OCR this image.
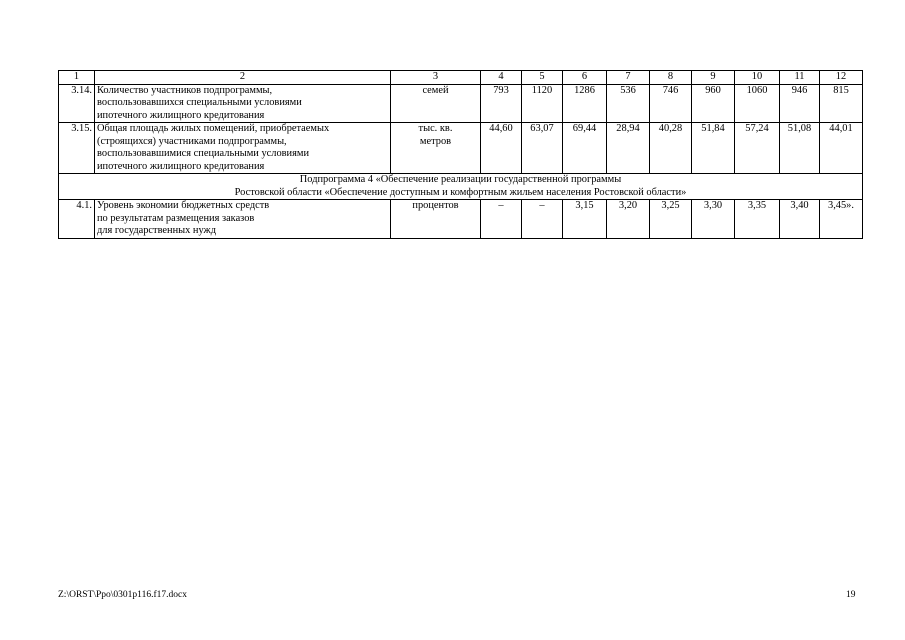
1	2	3	4	5	6	7	8	9	10	11	12
3.14.	Количество участников подпрограммы,
воспользовавшихся специальными условиями
ипотечного жилищного кредитования	семей	793	1120	1286	536	746	960	1060	946	815
3.15.	Общая площадь жилых помещений, приобретаемых
(строящихся) участниками подпрограммы,
воспользовавшимися специальными условиями
ипотечного жилищного кредитования	тыс. кв.
метров	44,60	63,07	69,44	28,94	40,28	51,84	57,24	51,08	44,01

Подпрограмма 4 «Обеспечение реализации государственной программы
Ростовской области «Обеспечение доступным и комфортным жильем населения Ростовской области»											

4.1.	Уровень экономии бюджетных средств
по результатам размещения заказов
для государственных нужд	процентов	–	–	3,15	3,20	3,25	3,30	3,35	3,40	3,45».
Z:\ORST\Ppo\0301p116.f17.docx	19
